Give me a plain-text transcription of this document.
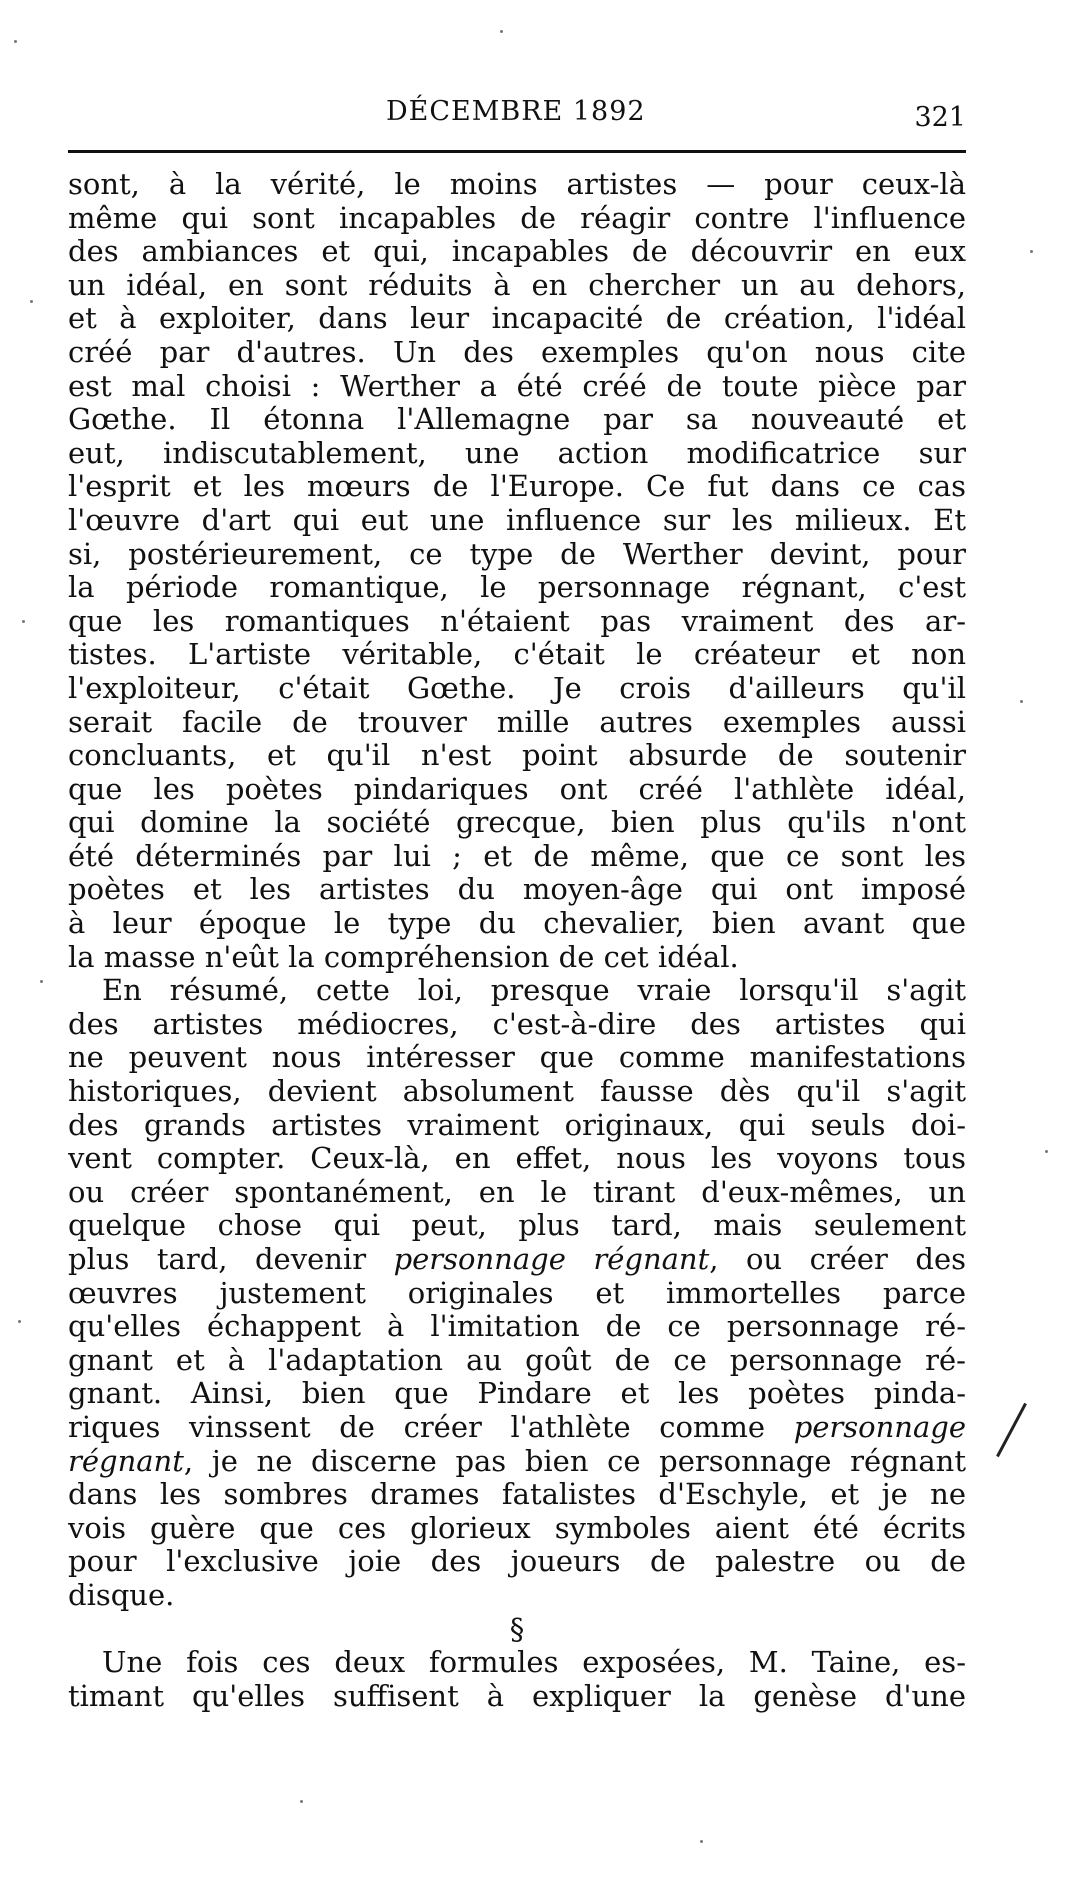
DÉCEMBRE 1892	321
sont, à la vérité, le moins artistes — pour ceux-là
même qui sont incapables de réagir contre l'influence
des ambiances et qui, incapables de découvrir en eux
un idéal, en sont réduits à en chercher un au dehors,
et à exploiter, dans leur incapacité de création, l'idéal
créé par d'autres. Un des exemples qu'on nous cite
est mal choisi : Werther a été créé de toute pièce par
Gœthe. Il étonna l'Allemagne par sa nouveauté et
eut, indiscutablement, une action modificatrice sur
l'esprit et les mœurs de l'Europe. Ce fut dans ce cas
l'œuvre d'art qui eut une influence sur les milieux. Et
si, postérieurement, ce type de Werther devint, pour
la période romantique, le personnage régnant, c'est
que les romantiques n'étaient pas vraiment des ar-
tistes. L'artiste véritable, c'était le créateur et non
l'exploiteur, c'était Gœthe. Je crois d'ailleurs qu'il
serait facile de trouver mille autres exemples aussi
concluants, et qu'il n'est point absurde de soutenir
que les poètes pindariques ont créé l'athlète idéal,
qui domine la société grecque, bien plus qu'ils n'ont
été déterminés par lui ; et de même, que ce sont les
poètes et les artistes du moyen-âge qui ont imposé
à leur époque le type du chevalier, bien avant que
la masse n'eût la compréhension de cet idéal.
En résumé, cette loi, presque vraie lorsqu'il s'agit
des artistes médiocres, c'est-à-dire des artistes qui
ne peuvent nous intéresser que comme manifestations
historiques, devient absolument fausse dès qu'il s'agit
des grands artistes vraiment originaux, qui seuls doi-
vent compter. Ceux-là, en effet, nous les voyons tous
ou créer spontanément, en le tirant d'eux-mêmes, un
quelque chose qui peut, plus tard, mais seulement
plus tard, devenir personnage régnant, ou créer des
œuvres justement originales et immortelles parce
qu'elles échappent à l'imitation de ce personnage ré-
gnant et à l'adaptation au goût de ce personnage ré-
gnant. Ainsi, bien que Pindare et les poètes pinda-
riques vinssent de créer l'athlète comme personnage
régnant, je ne discerne pas bien ce personnage régnant
dans les sombres drames fatalistes d'Eschyle, et je ne
vois guère que ces glorieux symboles aient été écrits
pour l'exclusive joie des joueurs de palestre ou de
disque.
§
Une fois ces deux formules exposées, M. Taine, es-
timant qu'elles suffisent à expliquer la genèse d'une
